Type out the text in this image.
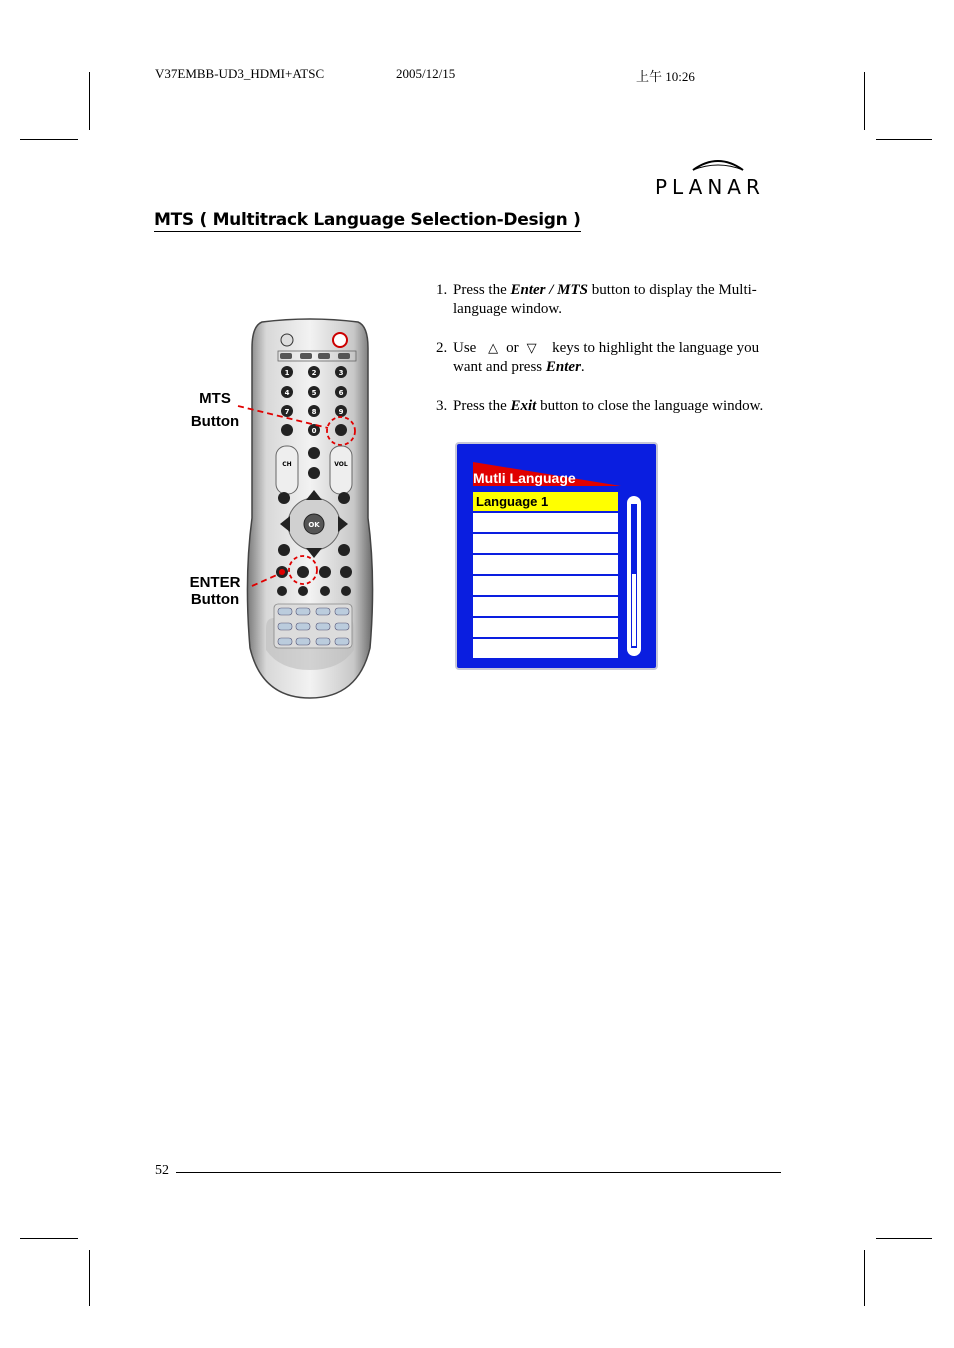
V37EMBB-UD3_HDMI+ATSC	2005/12/15	上午 10:26
PLANAR
MTS ( Multitrack Language Selection-Design )
1. Press the Enter / MTS button to display the Multi-language window.
2. Use △ or ▽ keys to highlight the language you want and press Enter.
3. Press the Exit button to close the language window.
MTS
Button
ENTER
Button
1	2	3
4	5	6
7	8	9
0
CH	VOL
OK
Mutli Language
Language 1
52
